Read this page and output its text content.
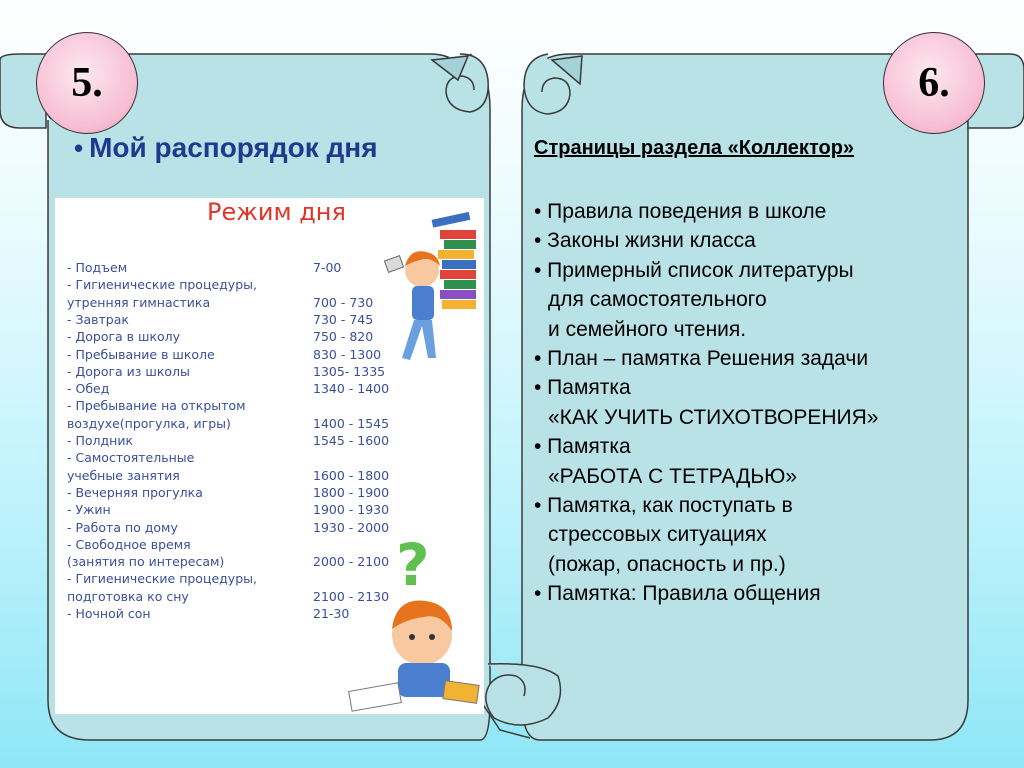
5.	6.
• Мой распорядок дня
Режим дня
- Подъем	7-00
- Гигиенические процедуры,
утренняя гимнастика	700 - 730
- Завтрак	730 - 745
- Дорога в школу	750 - 820
- Пребывание в школе	830 - 1300
- Дорога из школы	1305- 1335
- Обед	1340 - 1400
- Пребывание на открытом
воздухе(прогулка, игры)	1400 - 1545
- Полдник	1545 - 1600
- Самостоятельные
учебные занятия	1600 - 1800
- Вечерняя прогулка	1800 - 1900
- Ужин	1900 - 1930
- Работа по дому	1930 - 2000
- Свободное время
(занятия по интересам)	2000 - 2100
- Гигиенические процедуры,
подготовка ко сну	2100 - 2130
- Ночной сон	21-30
?
Страницы раздела «Коллектор»
• Правила поведения в школе
• Законы жизни класса
• Примерный список литературы
для самостоятельного
и семейного чтения.
• План – памятка Решения задачи
• Памятка
«КАК УЧИТЬ СТИХОТВОРЕНИЯ»
• Памятка
«РАБОТА С ТЕТРАДЬЮ»
• Памятка, как поступать в
стрессовых ситуациях
(пожар, опасность и пр.)
• Памятка: Правила общения
